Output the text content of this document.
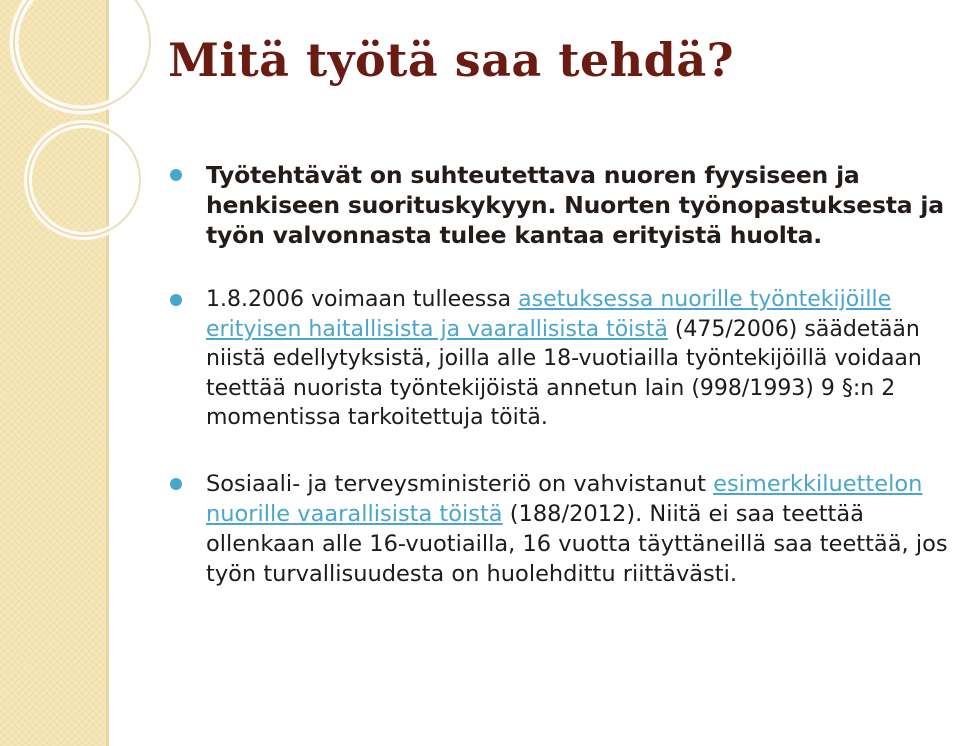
Mitä työtä saa tehdä?
Työtehtävät on suhteutettava nuoren fyysiseen ja henkiseen suorituskykyyn. Nuorten työnopastuksesta ja työn valvonnasta tulee kantaa erityistä huolta.
1.8.2006 voimaan tulleessa asetuksessa nuorille työntekijöille erityisen haitallisista ja vaarallisista töistä (475/2006) säädetään niistä edellytyksistä, joilla alle 18-vuotiailla työntekijöillä voidaan teettää nuorista työntekijöistä annetun lain (998/1993) 9 §:n 2 momentissa tarkoitettuja töitä.
Sosiaali- ja terveysministeriö on vahvistanut esimerkkiluettelon nuorille vaarallisista töistä (188/2012). Niitä ei saa teettää ollenkaan alle 16-vuotiailla, 16 vuotta täyttäneillä saa teettää, jos työn turvallisuudesta on huolehdittu riittävästi.
